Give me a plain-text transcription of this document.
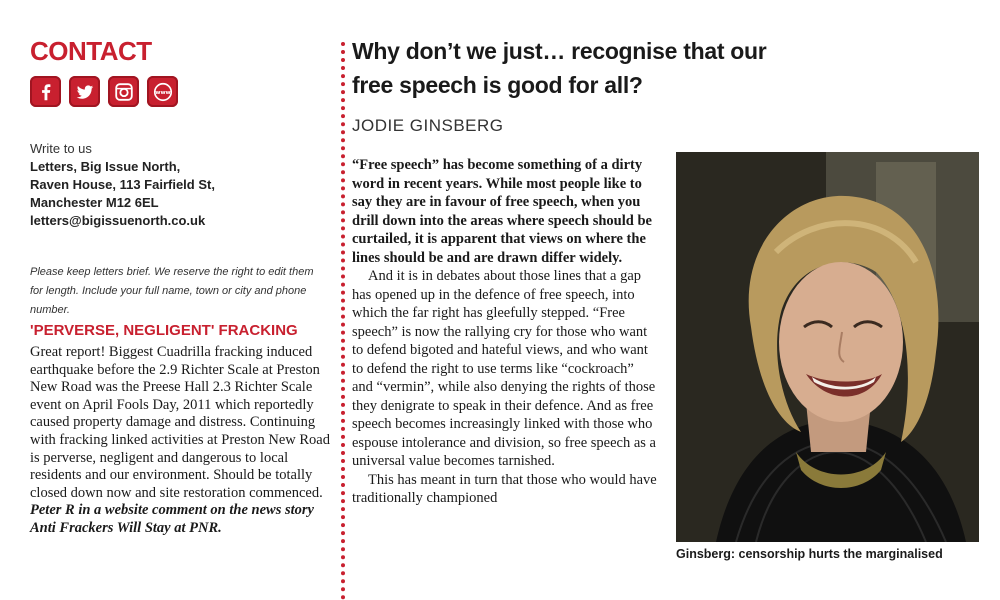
CONTACT
www
Write to us
Letters, Big Issue North,
Raven House, 113 Fairfield St,
Manchester M12 6EL
letters@bigissuenorth.co.uk

Please keep letters brief. We reserve the right to edit them for length. Include your full name, town or city and phone number.

'PERVERSE, NEGLIGENT' FRACKING

Great report! Biggest Cuadrilla fracking induced earthquake before the 2.9 Richter Scale at Preston New Road was the Preese Hall 2.3 Richter Scale event on April Fools Day, 2011 which reportedly caused property damage and distress. Continuing with fracking linked activities at Preston New Road is perverse, negligent and dangerous to local residents and our environment. Should be totally closed down now and site restoration commenced.

Peter R in a website comment on the news story Anti Frackers Will Stay at PNR.

Why don’t we just… recognise that our free speech is good for all?

JODIE GINSBERG

“Free speech” has become something of a dirty word in recent years. While most people like to say they are in favour of free speech, when you drill down into the areas where speech should be curtailed, it is apparent that views on where the lines should be and are drawn differ widely.

And it is in debates about those lines that a gap has opened up in the defence of free speech, into which the far right has gleefully stepped. “Free speech” is now the rallying cry for those who want to defend bigoted and hateful views, and who want to defend the right to use terms like “cockroach” and “vermin”, while also denying the rights of those they denigrate to speak in their defence. And as free speech becomes increasingly linked with those who espouse intolerance and division, so free speech as a universal value becomes tarnished.

This has meant in turn that those who would have traditionally championed

Ginsberg: censorship hurts the marginalised
